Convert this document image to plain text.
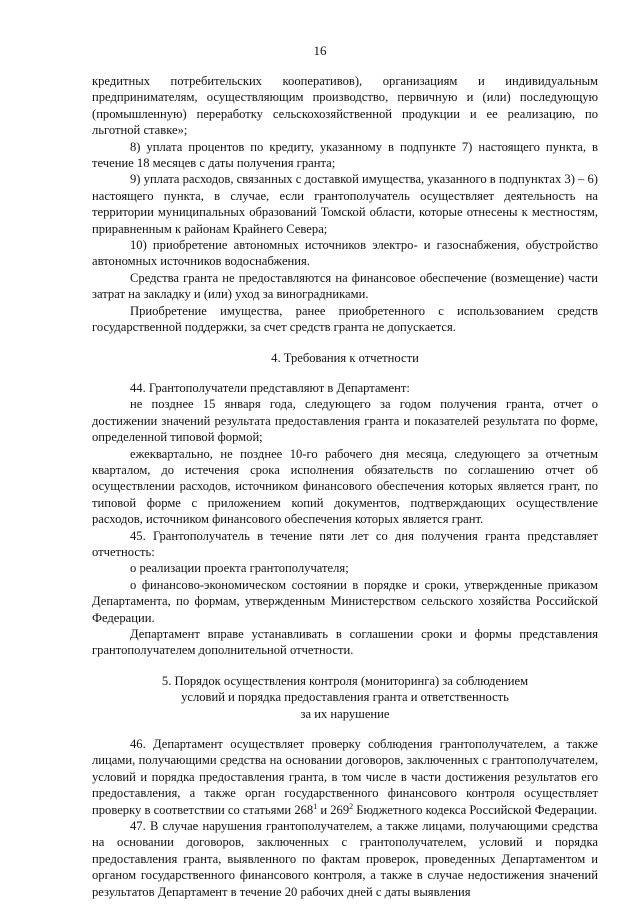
16

кредитных потребительских кооперативов), организациям и индивидуальным предпринимателям, осуществляющим производство, первичную и (или) последующую (промышленную) переработку сельскохозяйственной продукции и ее реализацию, по льготной ставке»;

8) уплата процентов по кредиту, указанному в подпункте 7) настоящего пункта, в течение 18 месяцев с даты получения гранта;

9) уплата расходов, связанных с доставкой имущества, указанного в подпунктах 3) – 6) настоящего пункта, в случае, если грантополучатель осуществляет деятельность на территории муниципальных образований Томской области, которые отнесены к местностям, приравненным к районам Крайнего Севера;

10) приобретение автономных источников электро- и газоснабжения, обустройство автономных источников водоснабжения.

Средства гранта не предоставляются на финансовое обеспечение (возмещение) части затрат на закладку и (или) уход за виноградниками.

Приобретение имущества, ранее приобретенного с использованием средств государственной поддержки, за счет средств гранта не допускается.

4. Требования к отчетности

44. Грантополучатели представляют в Департамент:

не позднее 15 января года, следующего за годом получения гранта, отчет о достижении значений результата предоставления гранта и показателей результата по форме, определенной типовой формой;

ежеквартально, не позднее 10-го рабочего дня месяца, следующего за отчетным кварталом, до истечения срока исполнения обязательств по соглашению отчет об осуществлении расходов, источником финансового обеспечения которых является грант, по типовой форме с приложением копий документов, подтверждающих осуществление расходов, источником финансового обеспечения которых является грант.

45. Грантополучатель в течение пяти лет со дня получения гранта представляет отчетность:

о реализации проекта грантополучателя;

о финансово-экономическом состоянии в порядке и сроки, утвержденные приказом Департамента, по формам, утвержденным Министерством сельского хозяйства Российской Федерации.

Департамент вправе устанавливать в соглашении сроки и формы представления грантополучателем дополнительной отчетности.

5. Порядок осуществления контроля (мониторинга) за соблюдением

условий и порядка предоставления гранта и ответственность

за их нарушение

46. Департамент осуществляет проверку соблюдения грантополучателем, а также лицами, получающими средства на основании договоров, заключенных с грантополучателем, условий и порядка предоставления гранта, в том числе в части достижения результатов его предоставления, а также орган государственного финансового контроля осуществляет проверку в соответствии со статьями $268^1$ и $269^2$ Бюджетного кодекса Российской Федерации.

47. В случае нарушения грантополучателем, а также лицами, получающими средства на основании договоров, заключенных с грантополучателем, условий и порядка предоставления гранта, выявленного по фактам проверок, проведенных Департаментом и органом государственного финансового контроля, а также в случае недостижения значений результатов Департамент в течение 20 рабочих дней с даты выявления
